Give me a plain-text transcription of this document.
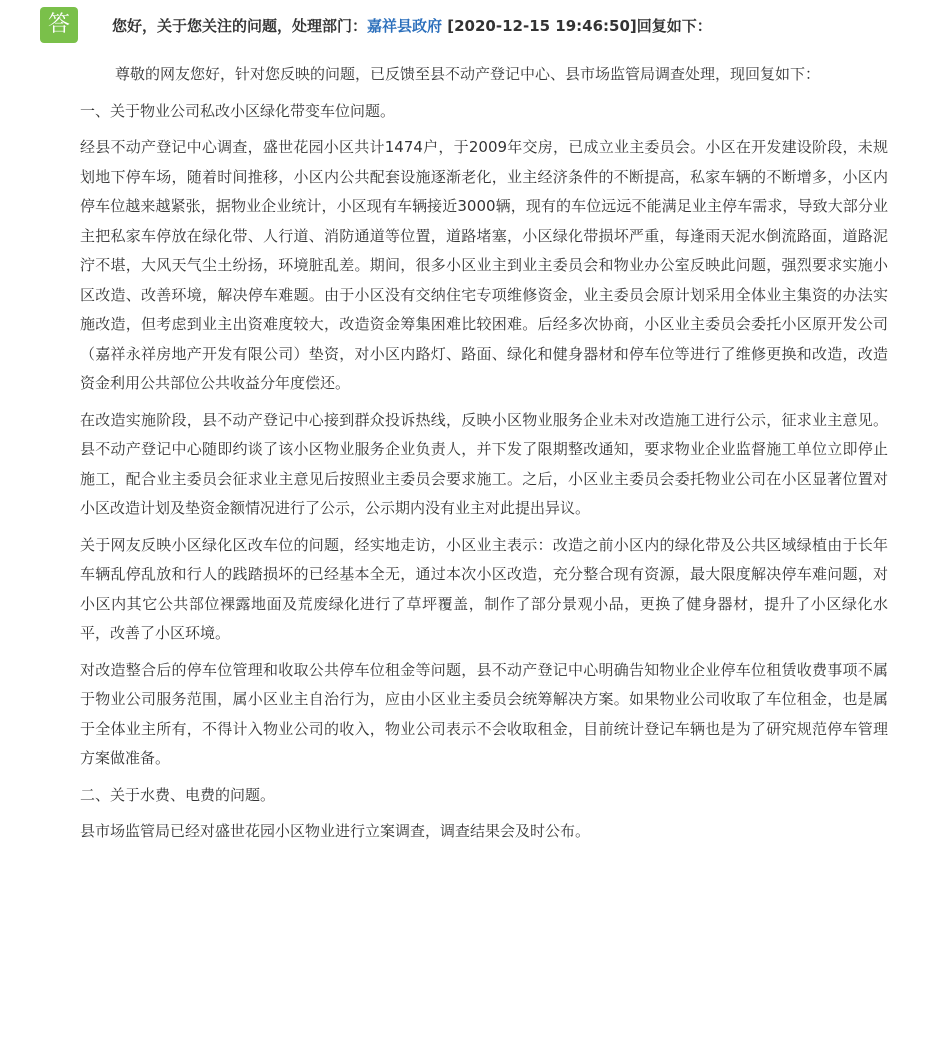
答	您好，关于您关注的问题，处理部门：嘉祥县政府 [2020-12-15 19:46:50]回复如下：

尊敬的网友您好，针对您反映的问题，已反馈至县不动产登记中心、县市场监管局调查处理，现回复如下：

一、关于物业公司私改小区绿化带变车位问题。

经县不动产登记中心调查，盛世花园小区共计1474户，于2009年交房，已成立业主委员会。小区在开发建设阶段，未规划地下停车场，随着时间推移，小区内公共配套设施逐渐老化，业主经济条件的不断提高，私家车辆的不断增多，小区内停车位越来越紧张，据物业企业统计，小区现有车辆接近3000辆，现有的车位远远不能满足业主停车需求，导致大部分业主把私家车停放在绿化带、人行道、消防通道等位置，道路堵塞，小区绿化带损坏严重，每逢雨天泥水倒流路面，道路泥泞不堪，大风天气尘土纷扬，环境脏乱差。期间，很多小区业主到业主委员会和物业办公室反映此问题，强烈要求实施小区改造、改善环境，解决停车难题。由于小区没有交纳住宅专项维修资金，业主委员会原计划采用全体业主集资的办法实施改造，但考虑到业主出资难度较大，改造资金筹集困难比较困难。后经多次协商，小区业主委员会委托小区原开发公司（嘉祥永祥房地产开发有限公司）垫资，对小区内路灯、路面、绿化和健身器材和停车位等进行了维修更换和改造，改造资金利用公共部位公共收益分年度偿还。

在改造实施阶段，县不动产登记中心接到群众投诉热线，反映小区物业服务企业未对改造施工进行公示，征求业主意见。县不动产登记中心随即约谈了该小区物业服务企业负责人，并下发了限期整改通知，要求物业企业监督施工单位立即停止施工，配合业主委员会征求业主意见后按照业主委员会要求施工。之后，小区业主委员会委托物业公司在小区显著位置对小区改造计划及垫资金额情况进行了公示，公示期内没有业主对此提出异议。

关于网友反映小区绿化区改车位的问题，经实地走访，小区业主表示：改造之前小区内的绿化带及公共区域绿植由于长年车辆乱停乱放和行人的践踏损坏的已经基本全无，通过本次小区改造，充分整合现有资源，最大限度解决停车难问题，对小区内其它公共部位裸露地面及荒废绿化进行了草坪覆盖，制作了部分景观小品，更换了健身器材，提升了小区绿化水平，改善了小区环境。

对改造整合后的停车位管理和收取公共停车位租金等问题，县不动产登记中心明确告知物业企业停车位租赁收费事项不属于物业公司服务范围，属小区业主自治行为，应由小区业主委员会统筹解决方案。如果物业公司收取了车位租金，也是属于全体业主所有，不得计入物业公司的收入，物业公司表示不会收取租金，目前统计登记车辆也是为了研究规范停车管理方案做准备。

二、关于水费、电费的问题。

县市场监管局已经对盛世花园小区物业进行立案调查，调查结果会及时公布。
